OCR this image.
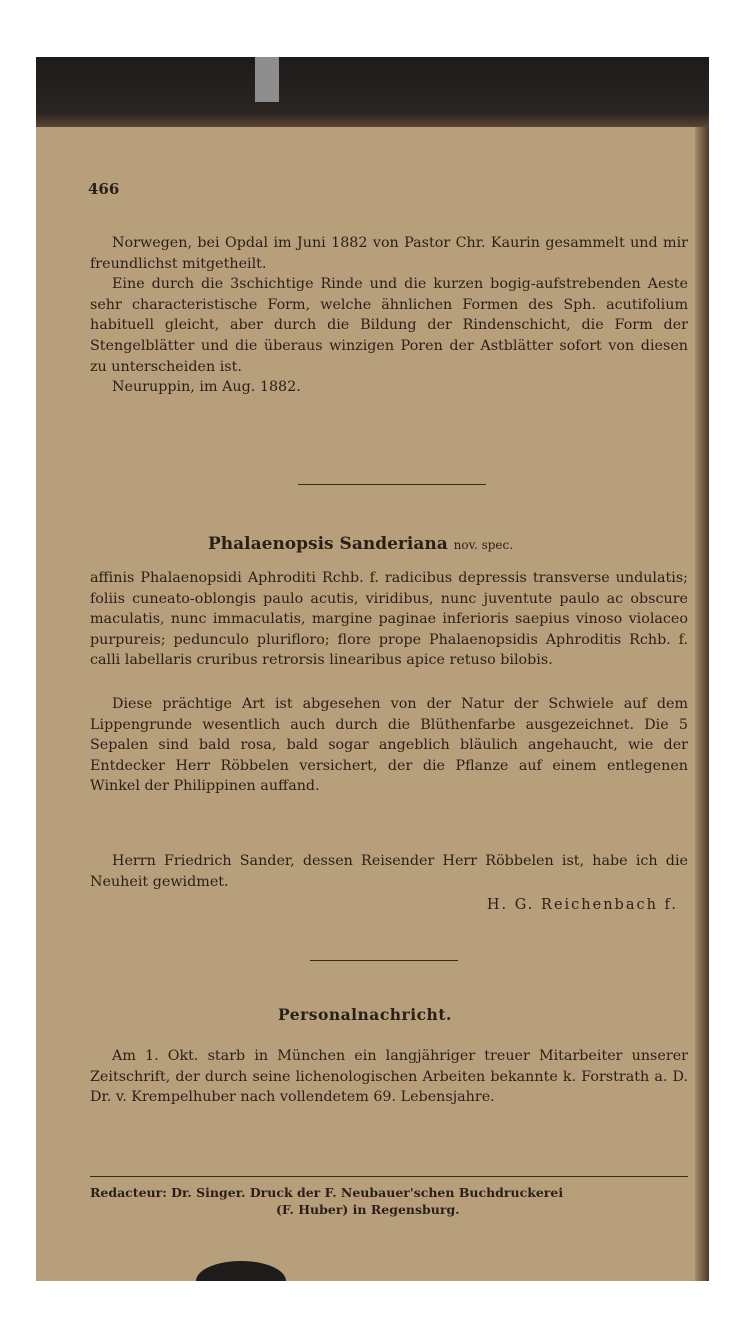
466
Norwegen, bei Opdal im Juni 1882 von Pastor Chr. Kaurin gesammelt und mir freundlichst mitgetheilt.
Eine durch die 3schichtige Rinde und die kurzen bogig-aufstrebenden Aeste sehr characteristische Form, welche ähnlichen Formen des Sph. acutifolium habituell gleicht, aber durch die Bildung der Rindenschicht, die Form der Stengelblätter und die überaus winzigen Poren der Astblätter sofort von diesen zu unterscheiden ist.
Neuruppin, im Aug. 1882.
Phalaenopsis Sanderiana nov. spec.
affinis Phalaenopsidi Aphroditi Rchb. f. radicibus depressis transverse undulatis; foliis cuneato-oblongis paulo acutis, viridibus, nunc juventute paulo ac obscure maculatis, nunc immaculatis, margine paginae inferioris saepius vinoso violaceo purpureis; pedunculo plurifloro; flore prope Phalaenopsidis Aphroditis Rchb. f. calli labellaris cruribus retrorsis linearibus apice retuso bilobis.
Diese prächtige Art ist abgesehen von der Natur der Schwiele auf dem Lippengrunde wesentlich auch durch die Blüthenfarbe ausgezeichnet. Die 5 Sepalen sind bald rosa, bald sogar angeblich bläulich angehaucht, wie der Entdecker Herr Röbbelen versichert, der die Pflanze auf einem entlegenen Winkel der Philippinen auffand.
Herrn Friedrich Sander, dessen Reisender Herr Röbbelen ist, habe ich die Neuheit gewidmet.
H. G. Reichenbach f.
Personalnachricht.
Am 1. Okt. starb in München ein langjähriger treuer Mitarbeiter unserer Zeitschrift, der durch seine lichenologischen Arbeiten bekannte k. Forstrath a. D. Dr. v. Krempelhuber nach vollendetem 69. Lebensjahre.
Redacteur: Dr. Singer. Druck der F. Neubauer'schen Buchdruckerei
(F. Huber) in Regensburg.
